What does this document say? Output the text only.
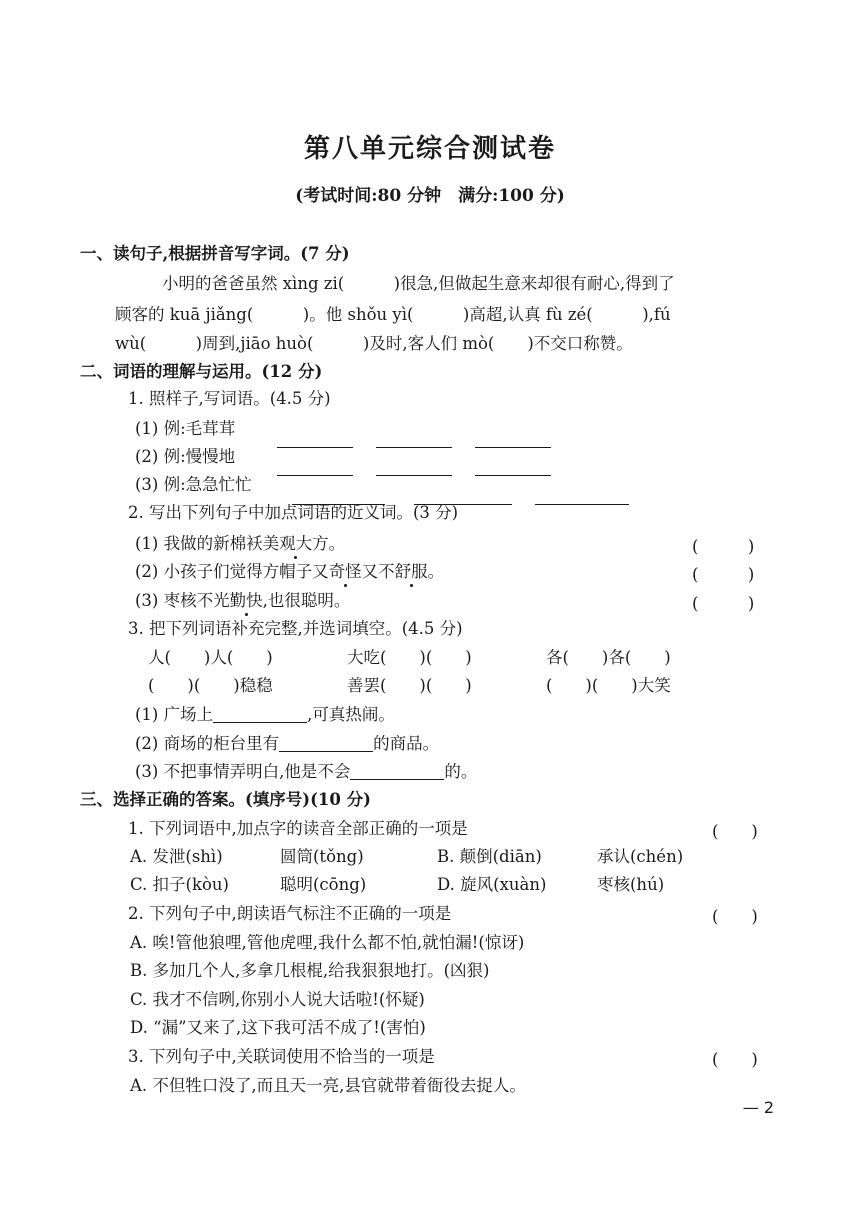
第八单元综合测试卷
(考试时间:80 分钟　满分:100 分)
一、读句子,根据拼音写字词。(7 分)
小明的爸爸虽然 xìng zi(　　　)很急,但做起生意来却很有耐心,得到了
顾客的 kuā jiǎng(　　　)。他 shǒu yì(　　　)高超,认真 fù zé(　　　),fú
wù(　　　)周到,jiāo huò(　　　)及时,客人们 mò(　　)不交口称赞。
二、词语的理解与运用。(12 分)
1. 照样子,写词语。(4.5 分)
(1) 例:毛茸茸
(2) 例:慢慢地
(3) 例:急急忙忙
2. 写出下列句子中加点词语的近义词。(3 分)
(1) 我做的新棉袄美观大方。	(　　　)
(2) 小孩子们觉得方帽子又奇怪又不舒服。	(　　　)
(3) 枣核不光勤快,也很聪明。	(　　　)
3. 把下列词语补充完整,并选词填空。(4.5 分)
人(　　)人(　　)	大吃(　　)(　　)	各(　　)各(　　)
(　　)(　　)稳稳	善罢(　　)(　　)	(　　)(　　)大笑
(1) 广场上	,可真热闹。
(2) 商场的柜台里有	的商品。
(3) 不把事情弄明白,他是不会	的。
三、选择正确的答案。(填序号)(10 分)
1. 下列词语中,加点字的读音全部正确的一项是	(　　)
A. 发泄(shì)	圆筒(tǒng)	B. 颠倒(diān)	承认(chén)
C. 扣子(kòu)	聪明(cōng)	D. 旋风(xuàn)	枣核(hú)
2. 下列句子中,朗读语气标注不正确的一项是	(　　)
A. 唉!管他狼哩,管他虎哩,我什么都不怕,就怕漏!(惊讶)
B. 多加几个人,多拿几根棍,给我狠狠地打。(凶狠)
C. 我才不信咧,你别小人说大话啦!(怀疑)
D. “漏”又来了,这下我可活不成了!(害怕)
3. 下列句子中,关联词使用不恰当的一项是	(　　)
A. 不但牲口没了,而且天一亮,县官就带着衙役去捉人。
— 2
